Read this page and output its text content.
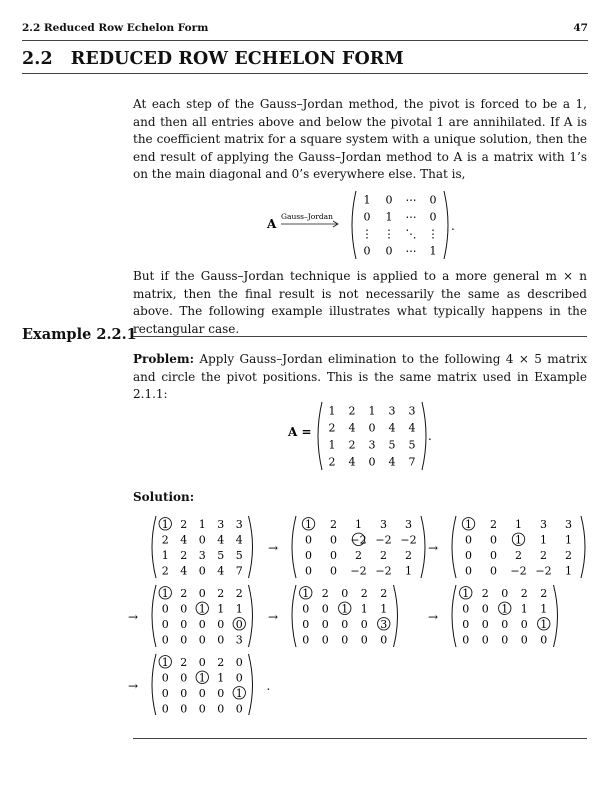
2.2 Reduced Row Echelon Form	47
2.2 REDUCED ROW ECHELON FORM
At each step of the Gauss–Jordan method, the pivot is forced to be a 1, and then all entries above and below the pivotal 1 are annihilated. If A is the coefficient matrix for a square system with a unique solution, then the end result of applying the Gauss–Jordan method to A is a matrix with 1’s on the main diagonal and 0’s everywhere else. That is,
A
Gauss–Jordan
1 0 ⋯ 0
0 1 ⋯ 0
⋮ ⋮ ⋱ ⋮
0 0 ⋯ 1
.
But if the Gauss–Jordan technique is applied to a more general m × n matrix, then the final result is not necessarily the same as described above. The following example illustrates what typically happens in the rectangular case.
Example 2.2.1
Problem: Apply Gauss–Jordan elimination to the following 4 × 5 matrix and circle the pivot positions. This is the same matrix used in Example 2.1.1:
A =
1 2 1 3 3
2 4 0 4 4
1 2 3 5 5
2 4 0 4 7
.
Solution:
1 2 1 3 3
2 4 0 4 4
1 2 3 5 5
2 4 0 4 7
1 2 1 3 3
0 0 −2 −2 −2
0 0 2 2 2
0 0 −2 −2 1
→
1 2 1 3 3
0 0 1 1 1
0 0 2 2 2
0 0 −2 −2 1
→
1 2 0 2 2
0 0 1 1 1
0 0 0 0 0
0 0 0 0 3
→
1 2 0 2 2
0 0 1 1 1
0 0 0 0 3
0 0 0 0 0
→
1 2 0 2 2
0 0 1 1 1
0 0 0 0 1
0 0 0 0 0
→
1 2 0 2 0
0 0 1 1 0
0 0 0 0 1
0 0 0 0 0
→	.
